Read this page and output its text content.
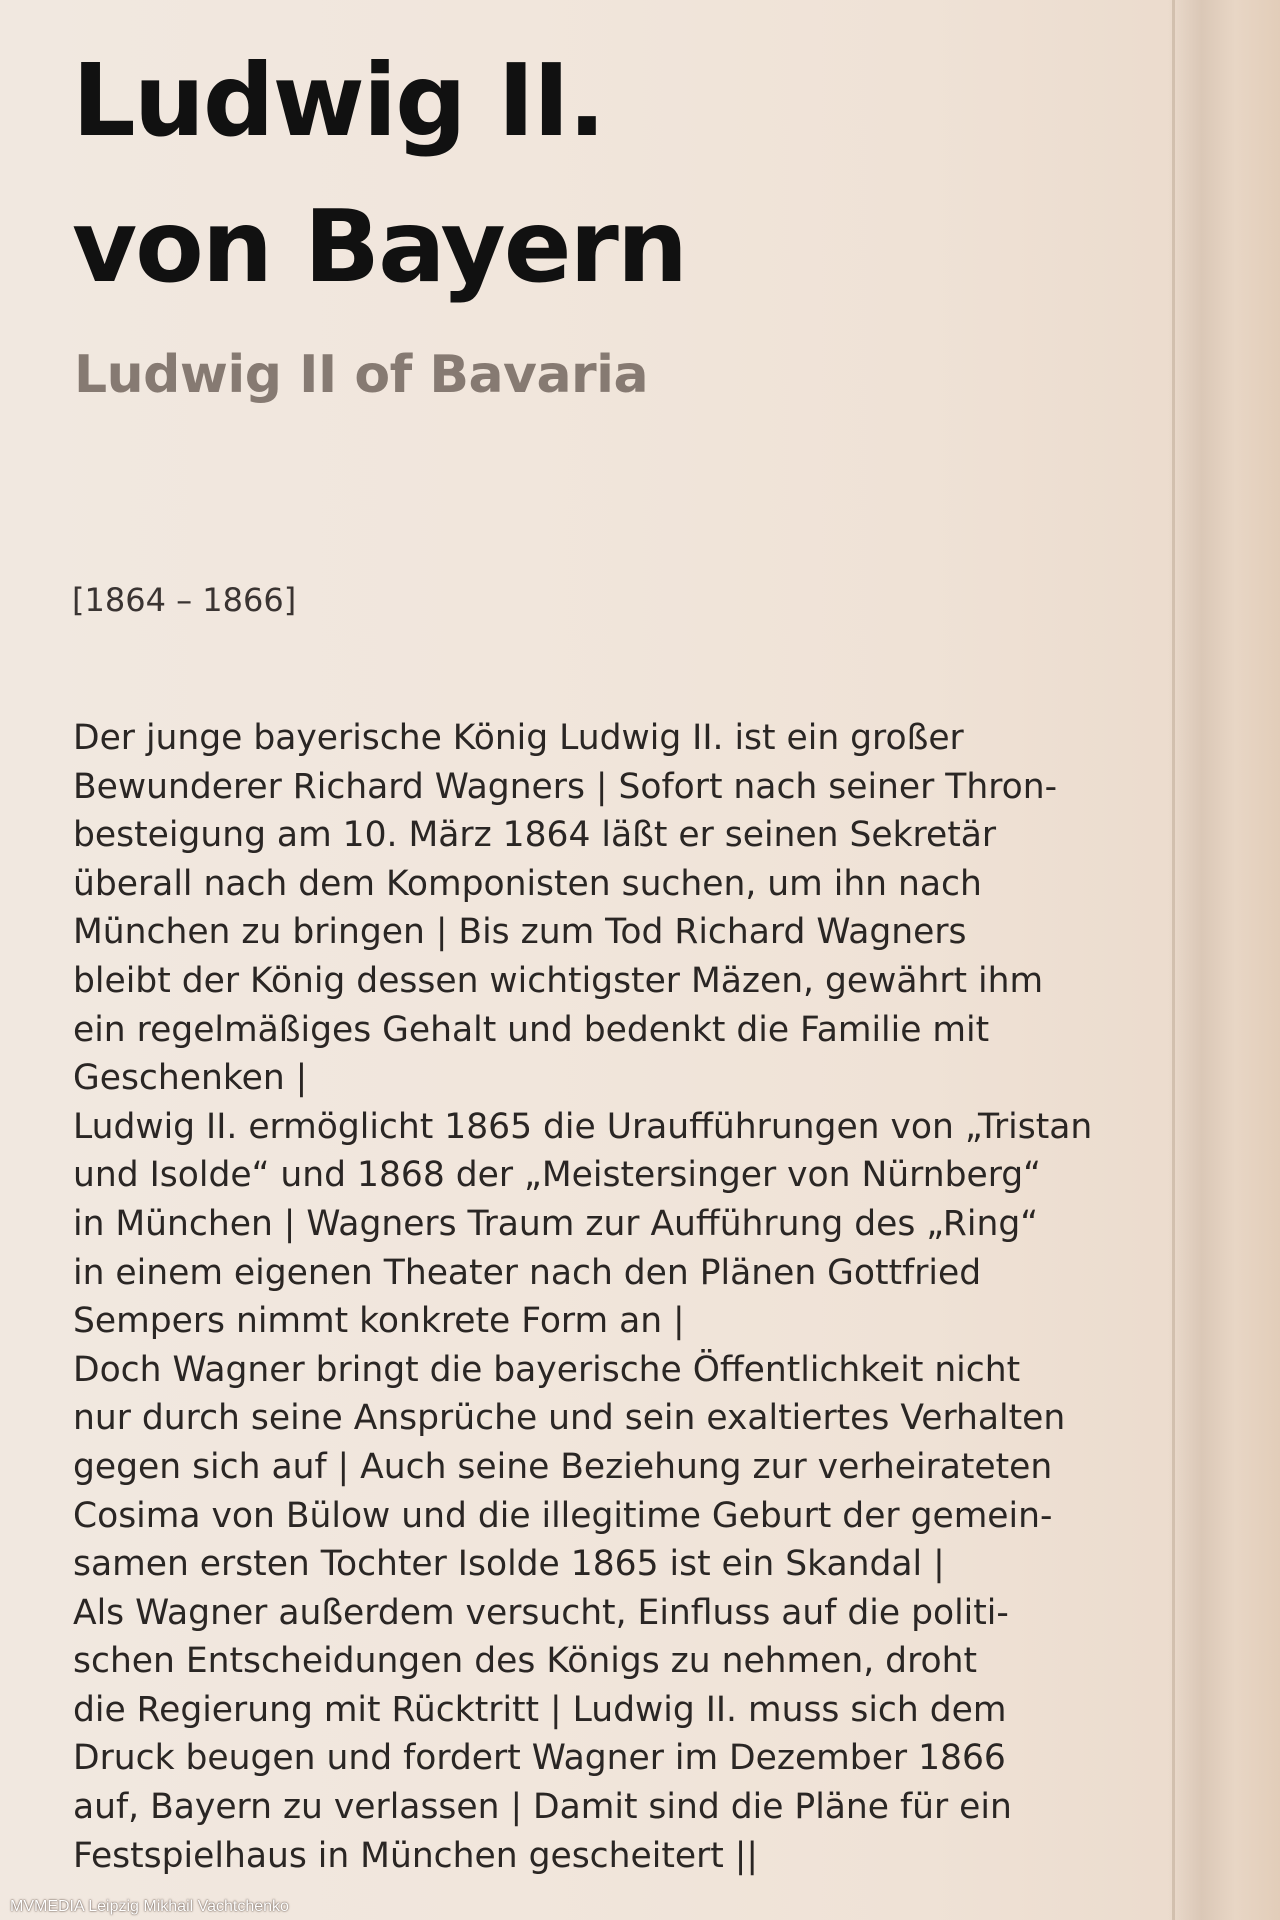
Ludwig II.
von Bayern
Ludwig II of Bavaria
[1864 – 1866]
Der junge bayerische König Ludwig II. ist ein großer
Bewunderer Richard Wagners | Sofort nach seiner Thron-
besteigung am 10. März 1864 läßt er seinen Sekretär
überall nach dem Komponisten suchen, um ihn nach
München zu bringen | Bis zum Tod Richard Wagners
bleibt der König dessen wichtigster Mäzen, gewährt ihm
ein regelmäßiges Gehalt und bedenkt die Familie mit
Geschenken |
Ludwig II. ermöglicht 1865 die Uraufführungen von „Tristan
und Isolde“ und 1868 der „Meistersinger von Nürnberg“
in München | Wagners Traum zur Aufführung des „Ring“
in einem eigenen Theater nach den Plänen Gottfried
Sempers nimmt konkrete Form an |
Doch Wagner bringt die bayerische Öffentlichkeit nicht
nur durch seine Ansprüche und sein exaltiertes Verhalten
gegen sich auf | Auch seine Beziehung zur verheirateten
Cosima von Bülow und die illegitime Geburt der gemein-
samen ersten Tochter Isolde 1865 ist ein Skandal |
Als Wagner außerdem versucht, Einfluss auf die politi-
schen Entscheidungen des Königs zu nehmen, droht
die Regierung mit Rücktritt | Ludwig II. muss sich dem
Druck beugen und fordert Wagner im Dezember 1866
auf, Bayern zu verlassen | Damit sind die Pläne für ein
Festspielhaus in München gescheitert ||
MVMEDIA Leipzig Mikhail Vachtchenko
